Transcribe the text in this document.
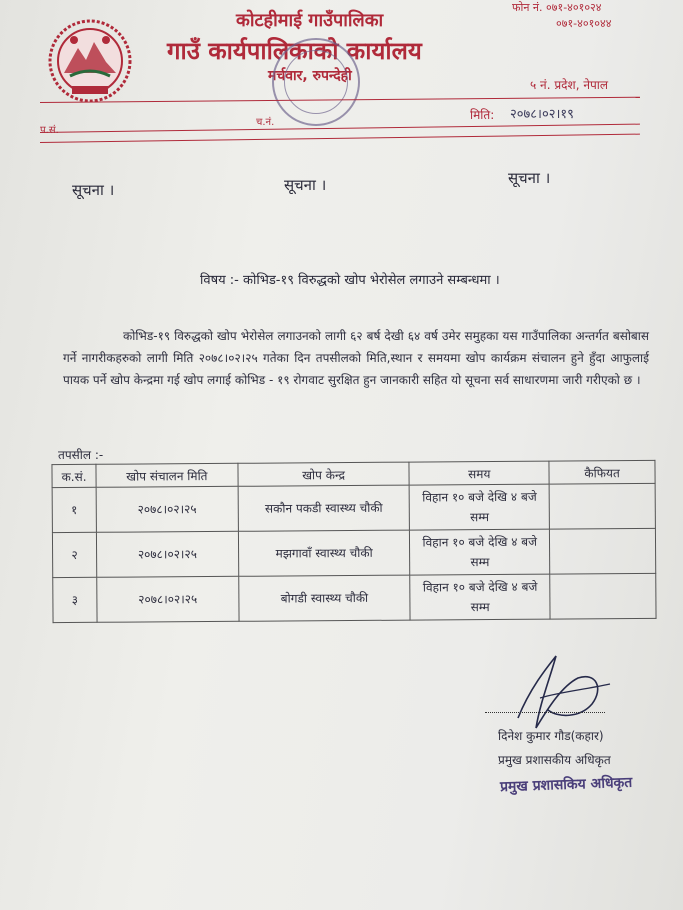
कोटहीमाई गाउँपालिका
गाउँ कार्यपालिकाको कार्यालय
मर्चवार, रुपन्देही
फोन नं. ०७१-४०१०२४
०७१-४०१०४४
५ नं. प्रदेश, नेपाल
प.सं.
च.नं.
मिति: २०७८।०२।१९
सूचना ।	सूचना ।	सूचना ।
विषय :- कोभिड-१९ विरुद्धको खोप भेरोसेल लगाउने सम्बन्धमा ।
कोभिड-१९ विरुद्धको खोप भेरोसेल लगाउनको लागी ६२ बर्ष देखी ६४ वर्ष उमेर समुहका यस गाउँपालिका अन्तर्गत बसोबास गर्ने नागरीकहरुको लागी मिति २०७८।०२।२५ गतेका दिन तपसीलको मिति,स्थान र समयमा खोप कार्यक्रम संचालन हुने हुँदा आफुलाई पायक पर्ने खोप केन्द्रमा गई खोप लगाई कोभिड - १९ रोगवाट सुरक्षित हुन जानकारी सहित यो सूचना सर्व साधारणमा जारी गरीएको छ ।
तपसील :-
क.सं.	खोप संचालन मिति	खोप केन्द्र	समय	कैफियत
१	२०७८।०२।२५	सकौन पकडी स्वास्थ्य चौकी	विहान १० बजे देखि ४ बजे सम्म	
२	२०७८।०२।२५	मझगावाँ स्वास्थ्य चौकी	विहान १० बजे देखि ४ बजे सम्म	
३	२०७८।०२।२५	बोगडी स्वास्थ्य चौकी	विहान १० बजे देखि ४ बजे सम्म	
दिनेश कुमार गौड(कहार)
प्रमुख प्रशासकीय अधिकृत
प्रमुख प्रशासकिय अधिकृत
